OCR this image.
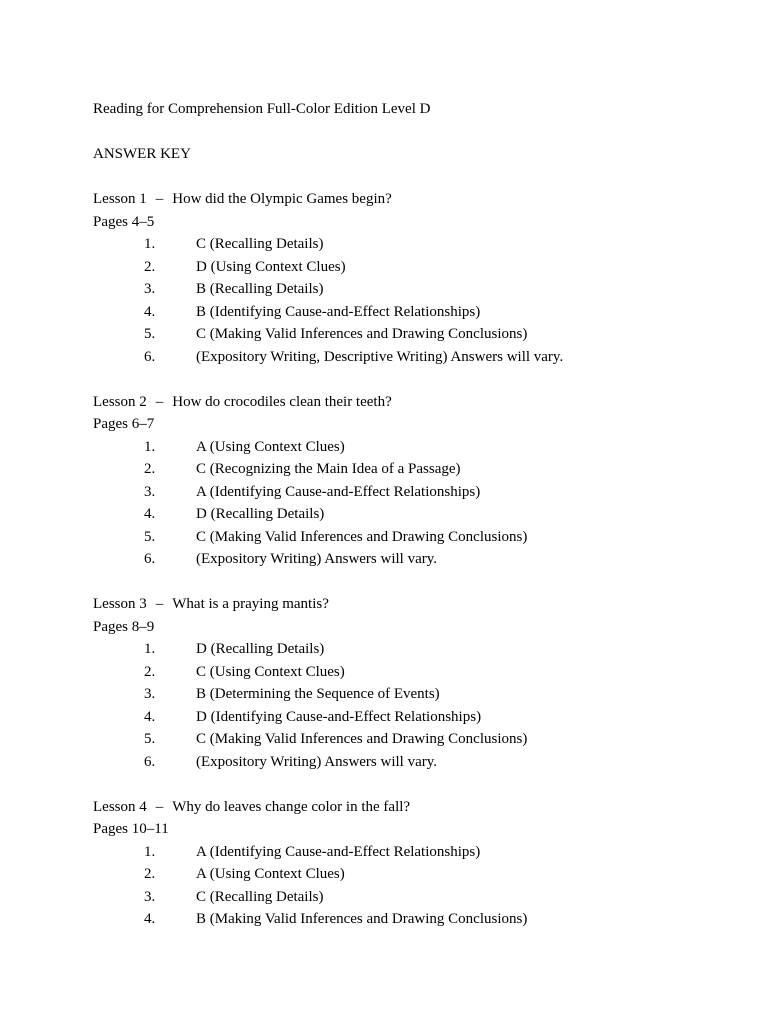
Reading for Comprehension Full-Color Edition Level D

ANSWER KEY

Lesson 1 – How did the Olympic Games begin?

Pages 4–5

1.	C (Recalling Details)
2.	D (Using Context Clues)
3.	B (Recalling Details)
4.	B (Identifying Cause-and-Effect Relationships)
5.	C (Making Valid Inferences and Drawing Conclusions)
6.	(Expository Writing, Descriptive Writing) Answers will vary.

Lesson 2 – How do crocodiles clean their teeth?

Pages 6–7

1.	A (Using Context Clues)
2.	C (Recognizing the Main Idea of a Passage)
3.	A (Identifying Cause-and-Effect Relationships)
4.	D (Recalling Details)
5.	C (Making Valid Inferences and Drawing Conclusions)
6.	(Expository Writing) Answers will vary.

Lesson 3 – What is a praying mantis?

Pages 8–9

1.	D (Recalling Details)
2.	C (Using Context Clues)
3.	B (Determining the Sequence of Events)
4.	D (Identifying Cause-and-Effect Relationships)
5.	C (Making Valid Inferences and Drawing Conclusions)
6.	(Expository Writing) Answers will vary.

Lesson 4 – Why do leaves change color in the fall?

Pages 10–11

1.	A (Identifying Cause-and-Effect Relationships)
2.	A (Using Context Clues)
3.	C (Recalling Details)
4.	B (Making Valid Inferences and Drawing Conclusions)
